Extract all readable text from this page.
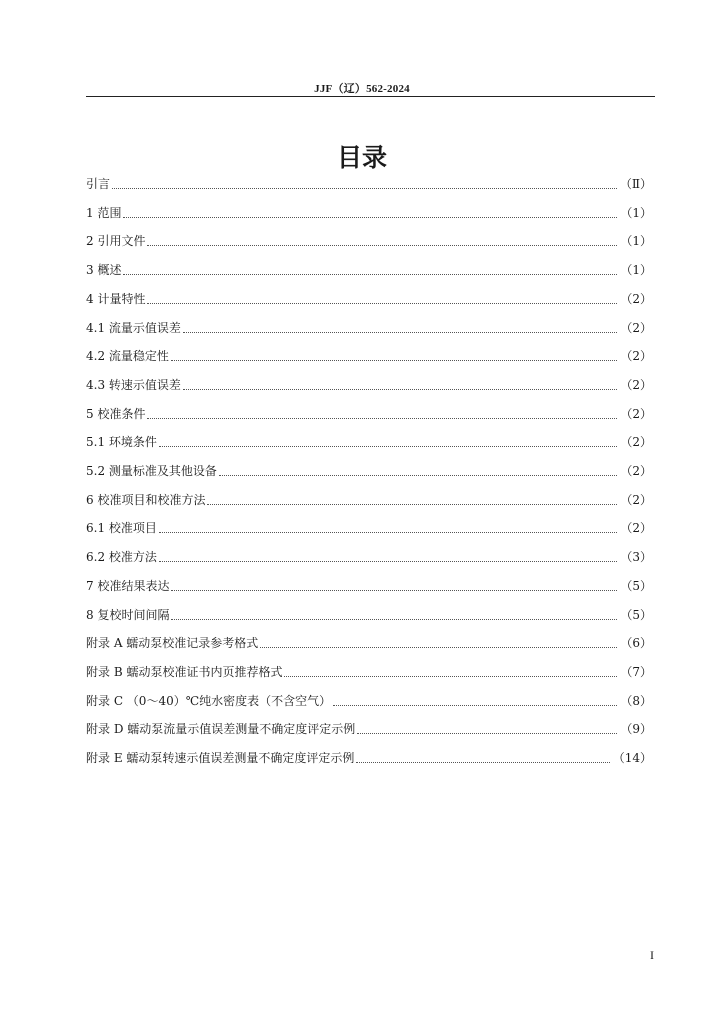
JJF（辽）562-2024
目录
引言	（Ⅱ）
1 范围	（1）
2 引用文件	（1）
3 概述	（1）
4 计量特性	（2）
4.1 流量示值误差	（2）
4.2 流量稳定性	（2）
4.3 转速示值误差	（2）
5 校准条件	（2）
5.1 环境条件	（2）
5.2 测量标准及其他设备	（2）
6 校准项目和校准方法	（2）
6.1 校准项目	（2）
6.2 校准方法	（3）
7 校准结果表达	（5）
8 复校时间间隔	（5）
附录 A 蠕动泵校准记录参考格式	（6）
附录 B 蠕动泵校准证书内页推荐格式	（7）
附录 C （0～40）℃纯水密度表（不含空气）	（8）
附录 D 蠕动泵流量示值误差测量不确定度评定示例	（9）
附录 E 蠕动泵转速示值误差测量不确定度评定示例	（14）
I
